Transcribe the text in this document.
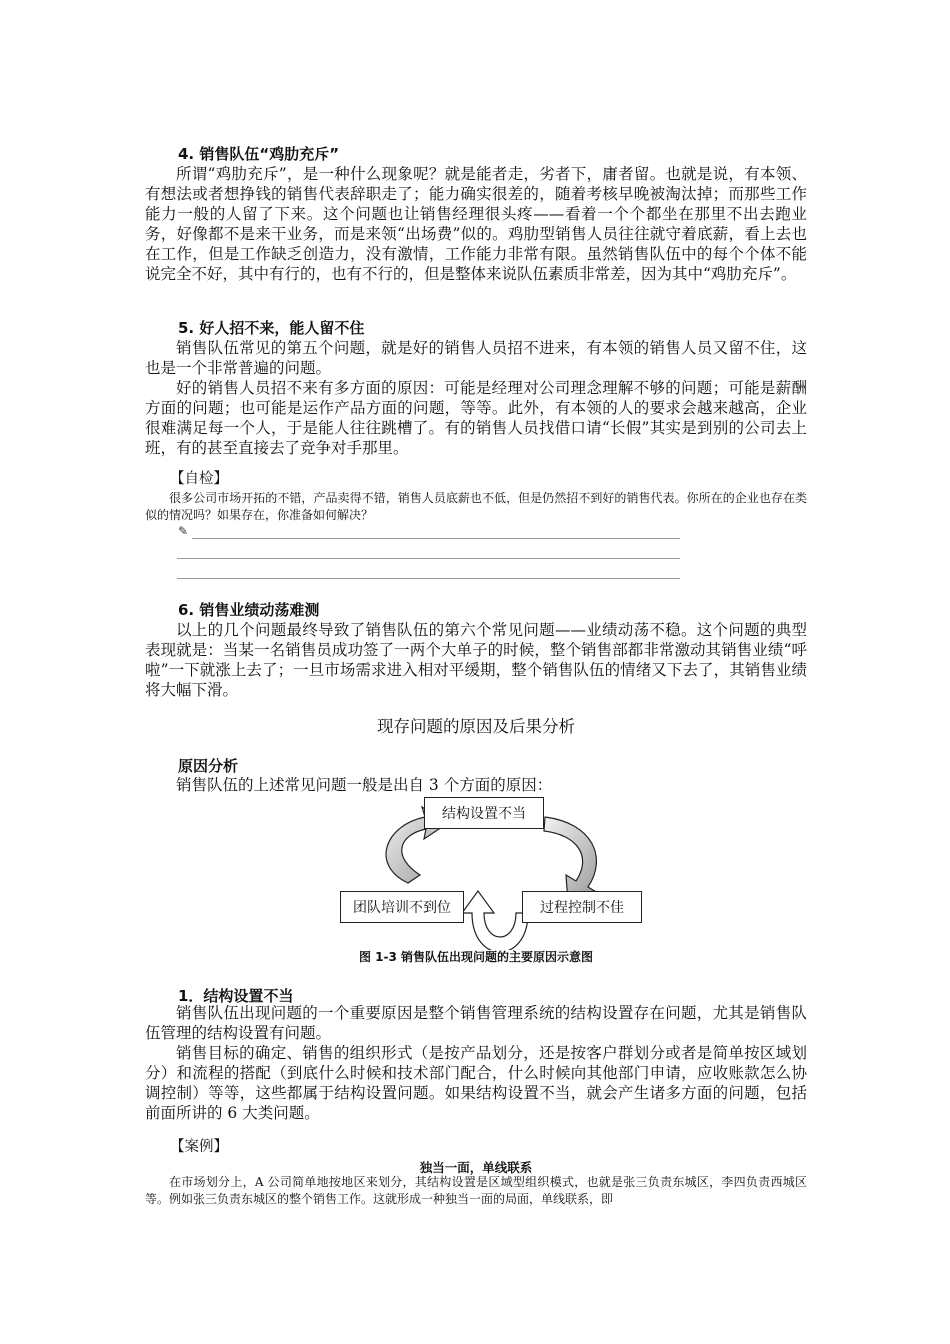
4. 销售队伍“鸡肋充斥”

所谓“鸡肋充斥”，是一种什么现象呢？就是能者走，劣者下，庸者留。也就是说，有本领、有想法或者想挣钱的销售代表辞职走了；能力确实很差的，随着考核早晚被淘汰掉；而那些工作能力一般的人留了下来。这个问题也让销售经理很头疼——看着一个个都坐在那里不出去跑业务，好像都不是来干业务，而是来领“出场费”似的。鸡肋型销售人员往往就守着底薪，看上去也在工作，但是工作缺乏创造力，没有激情，工作能力非常有限。虽然销售队伍中的每个个体不能说完全不好，其中有行的，也有不行的，但是整体来说队伍素质非常差，因为其中“鸡肋充斥”。

5. 好人招不来，能人留不住

销售队伍常见的第五个问题，就是好的销售人员招不进来，有本领的销售人员又留不住，这也是一个非常普遍的问题。

好的销售人员招不来有多方面的原因：可能是经理对公司理念理解不够的问题；可能是薪酬方面的问题；也可能是运作产品方面的问题，等等。此外，有本领的人的要求会越来越高，企业很难满足每一个人，于是能人往往跳槽了。有的销售人员找借口请“长假”其实是到别的公司去上班，有的甚至直接去了竞争对手那里。

【自检】

很多公司市场开拓的不错，产品卖得不错，销售人员底薪也不低，但是仍然招不到好的销售代表。你所在的企业也存在类似的情况吗？如果存在，你准备如何解决？

✎
6. 销售业绩动荡难测

以上的几个问题最终导致了销售队伍的第六个常见问题——业绩动荡不稳。这个问题的典型表现就是：当某一名销售员成功签了一两个大单子的时候，整个销售部都非常激动其销售业绩“呼啦”一下就涨上去了；一旦市场需求进入相对平缓期，整个销售队伍的情绪又下去了，其销售业绩将大幅下滑。

现存问题的原因及后果分析
原因分析

销售队伍的上述常见问题一般是出自 3 个方面的原因：

结构设置不当
团队培训不到位	过程控制不佳
图 1-3 销售队伍出现问题的主要原因示意图
1．结构设置不当

销售队伍出现问题的一个重要原因是整个销售管理系统的结构设置存在问题，尤其是销售队伍管理的结构设置有问题。

销售目标的确定、销售的组织形式（是按产品划分，还是按客户群划分或者是简单按区域划分）和流程的搭配（到底什么时候和技术部门配合，什么时候向其他部门申请，应收账款怎么协调控制）等等，这些都属于结构设置问题。如果结构设置不当，就会产生诸多方面的问题，包括前面所讲的 6 大类问题。

【案例】
独当一面，单线联系

在市场划分上，A 公司简单地按地区来划分，其结构设置是区域型组织模式，也就是张三负责东城区，李四负责西城区等。例如张三负责东城区的整个销售工作。这就形成一种独当一面的局面，单线联系，即
